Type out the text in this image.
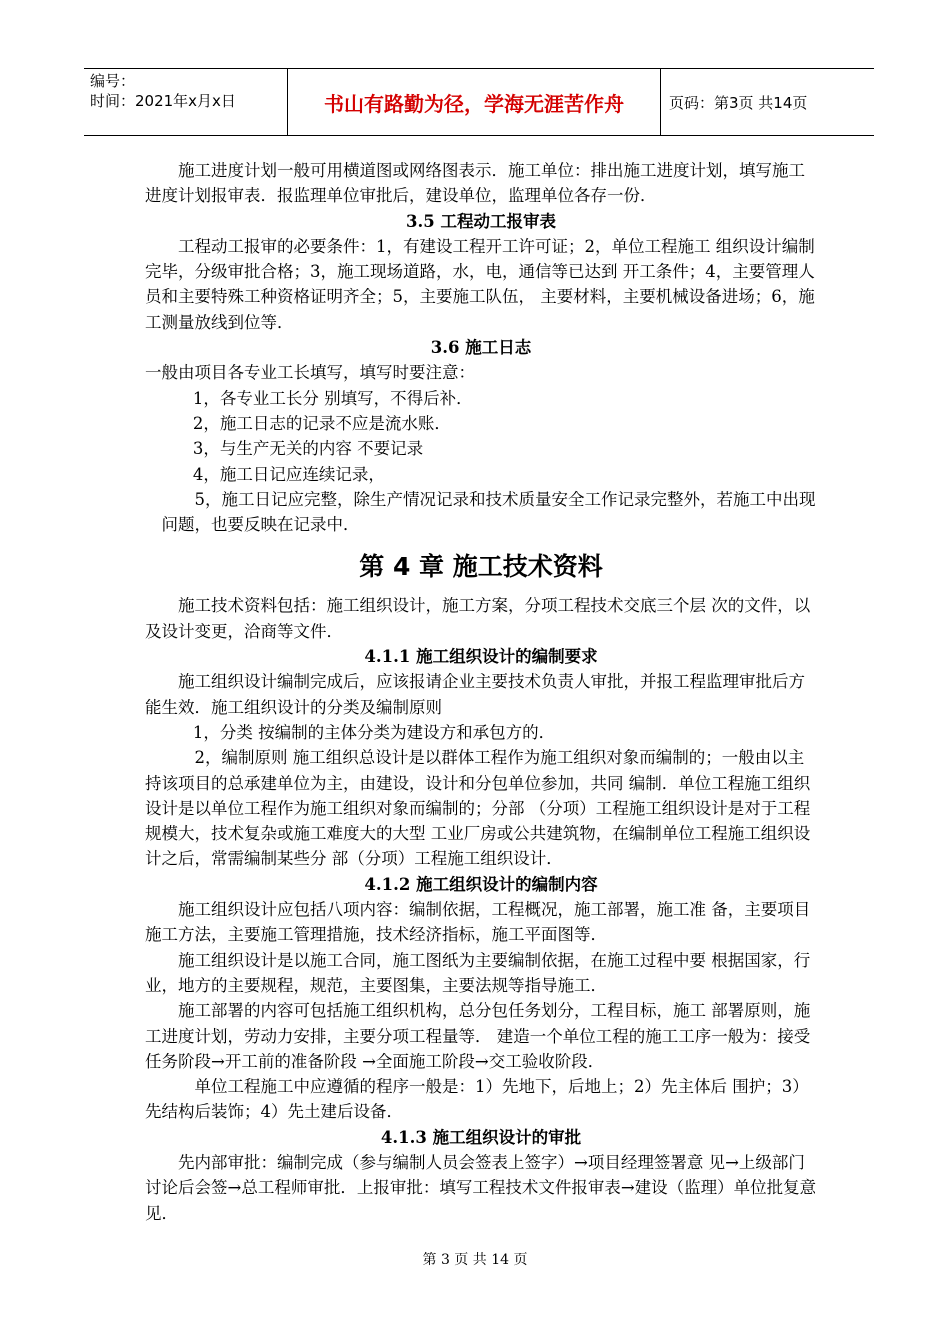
编号：
时间：2021年x月x日	书山有路勤为径，学海无涯苦作舟	页码：第3页 共14页

施工进度计划一般可用横道图或网络图表示．施工单位：排出施工进度计划，填写施工进度计划报审表．报监理单位审批后，建设单位，监理单位各存一份．

3.5 工程动工报审表

工程动工报审的必要条件：1，有建设工程开工许可证；2，单位工程施工 组织设计编制完毕，分级审批合格；3，施工现场道路，水，电，通信等已达到 开工条件；4，主要管理人员和主要特殊工种资格证明齐全；5，主要施工队伍， 主要材料，主要机械设备进场；6，施工测量放线到位等．

3.6 施工日志

一般由项目各专业工长填写，填写时要注意：

1，各专业工长分 别填写，不得后补．

2，施工日志的记录不应是流水账．

3，与生产无关的内容 不要记录

4，施工日记应连续记录，

5，施工日记应完整，除生产情况记录和技术质量安全工作记录完整外，若施工中出现问题，也要反映在记录中．

第 4 章 施工技术资料

施工技术资料包括：施工组织设计，施工方案，分项工程技术交底三个层 次的文件，以及设计变更，洽商等文件．

4.1.1 施工组织设计的编制要求

施工组织设计编制完成后，应该报请企业主要技术负责人审批，并报工程监理审批后方能生效．施工组织设计的分类及编制原则

1，分类 按编制的主体分类为建设方和承包方的．

2，编制原则 施工组织总设计是以群体工程作为施工组织对象而编制的；一般由以主持该项目的总承建单位为主，由建设，设计和分包单位参加，共同 编制．单位工程施工组织设计是以单位工程作为施工组织对象而编制的；分部 （分项）工程施工组织设计是对于工程规模大，技术复杂或施工难度大的大型 工业厂房或公共建筑物，在编制单位工程施工组织设计之后，常需编制某些分 部（分项）工程施工组织设计．

4.1.2 施工组织设计的编制内容

施工组织设计应包括八项内容：编制依据，工程概况，施工部署，施工准 备，主要项目施工方法，主要施工管理措施，技术经济指标，施工平面图等．

施工组织设计是以施工合同，施工图纸为主要编制依据，在施工过程中要 根据国家，行业，地方的主要规程，规范，主要图集，主要法规等指导施工．

施工部署的内容可包括施工组织机构，总分包任务划分，工程目标，施工 部署原则，施工进度计划，劳动力安排，主要分项工程量等． 建造一个单位工程的施工工序一般为：接受任务阶段→开工前的准备阶段 →全面施工阶段→交工验收阶段．

单位工程施工中应遵循的程序一般是：1）先地下，后地上；2）先主体后 围护；3）先结构后装饰；4）先土建后设备．

4.1.3 施工组织设计的审批

先内部审批：编制完成（参与编制人员会签表上签字）→项目经理签署意 见→上级部门讨论后会签→总工程师审批．上报审批：填写工程技术文件报审表→建设（监理）单位批复意见．

第 3 页 共 14 页
